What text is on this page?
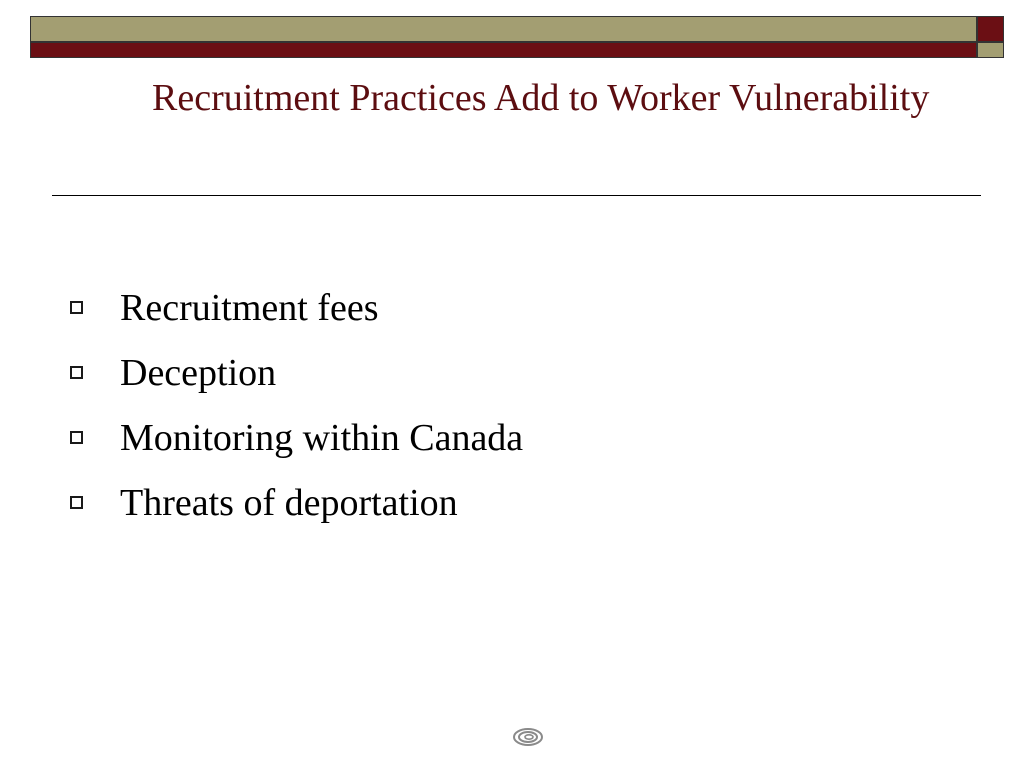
Recruitment Practices Add to Worker Vulnerability
Recruitment fees
Deception
Monitoring within Canada
Threats of deportation
